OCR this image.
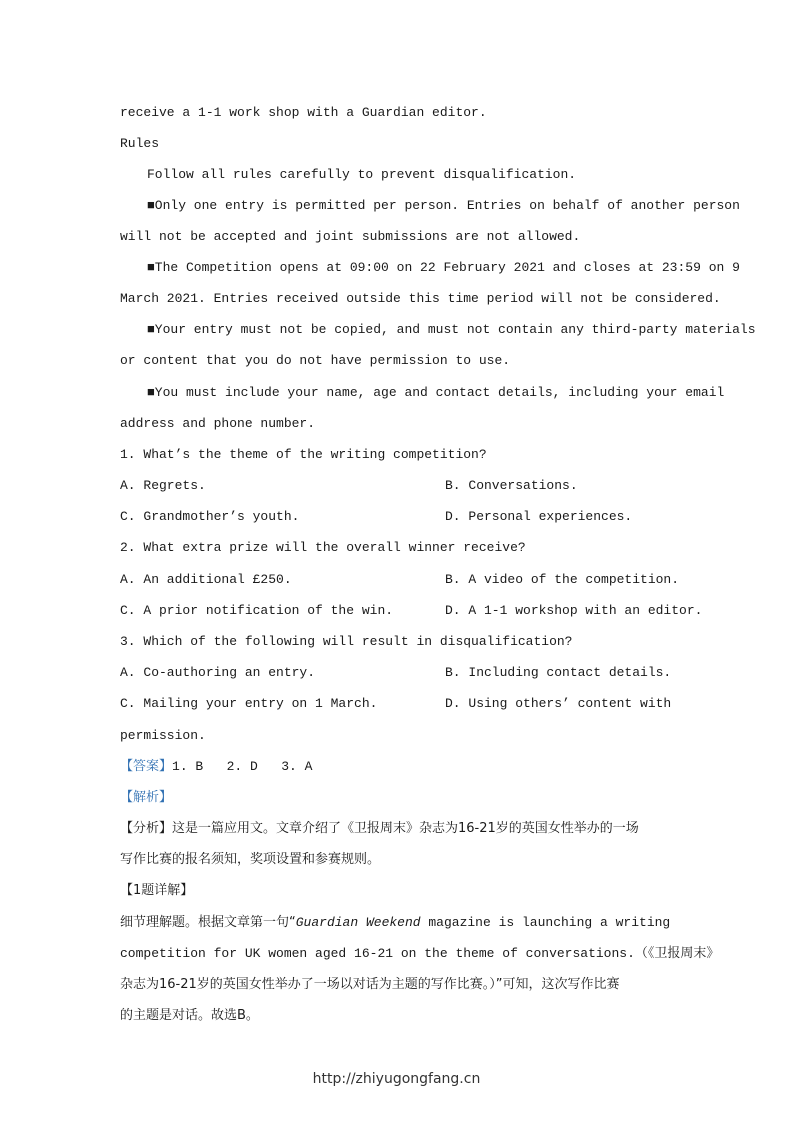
receive a 1-1 work shop with a Guardian editor.
Rules
Follow all rules carefully to prevent disqualification.
■Only one entry is permitted per person. Entries on behalf of another person
will not be accepted and joint submissions are not allowed.
■The Competition opens at 09:00 on 22 February 2021 and closes at 23:59 on 9
March 2021. Entries received outside this time period will not be considered.
■Your entry must not be copied, and must not contain any third-party materials
or content that you do not have permission to use.
■You must include your name, age and contact details, including your email
address and phone number.
1. What’s the theme of the writing competition?
A. Regrets.	B. Conversations.
C. Grandmother’s youth.	D. Personal experiences.
2. What extra prize will the overall winner receive?
A. An additional £250.	B. A video of the competition.
C. A prior notification of the win.	D. A 1-1 workshop with an editor.
3. Which of the following will result in disqualification?
A. Co-authoring an entry.	B. Including contact details.
C. Mailing your entry on 1 March.	D. Using others’ content with
permission.
【答案】1. B   2. D   3. A
【解析】
【分析】这是一篇应用文。文章介绍了《卫报周末》杂志为16-21岁的英国女性举办的一场
写作比赛的报名须知，奖项设置和参赛规则。
【1题详解】
细节理解题。根据文章第一句“Guardian Weekend magazine is launching a writing
competition for UK women aged 16-21 on the theme of conversations.（《卫报周末》
杂志为16-21岁的英国女性举办了一场以对话为主题的写作比赛。）”可知，这次写作比赛
的主题是对话。故选B。
http://zhiyugongfang.cn
